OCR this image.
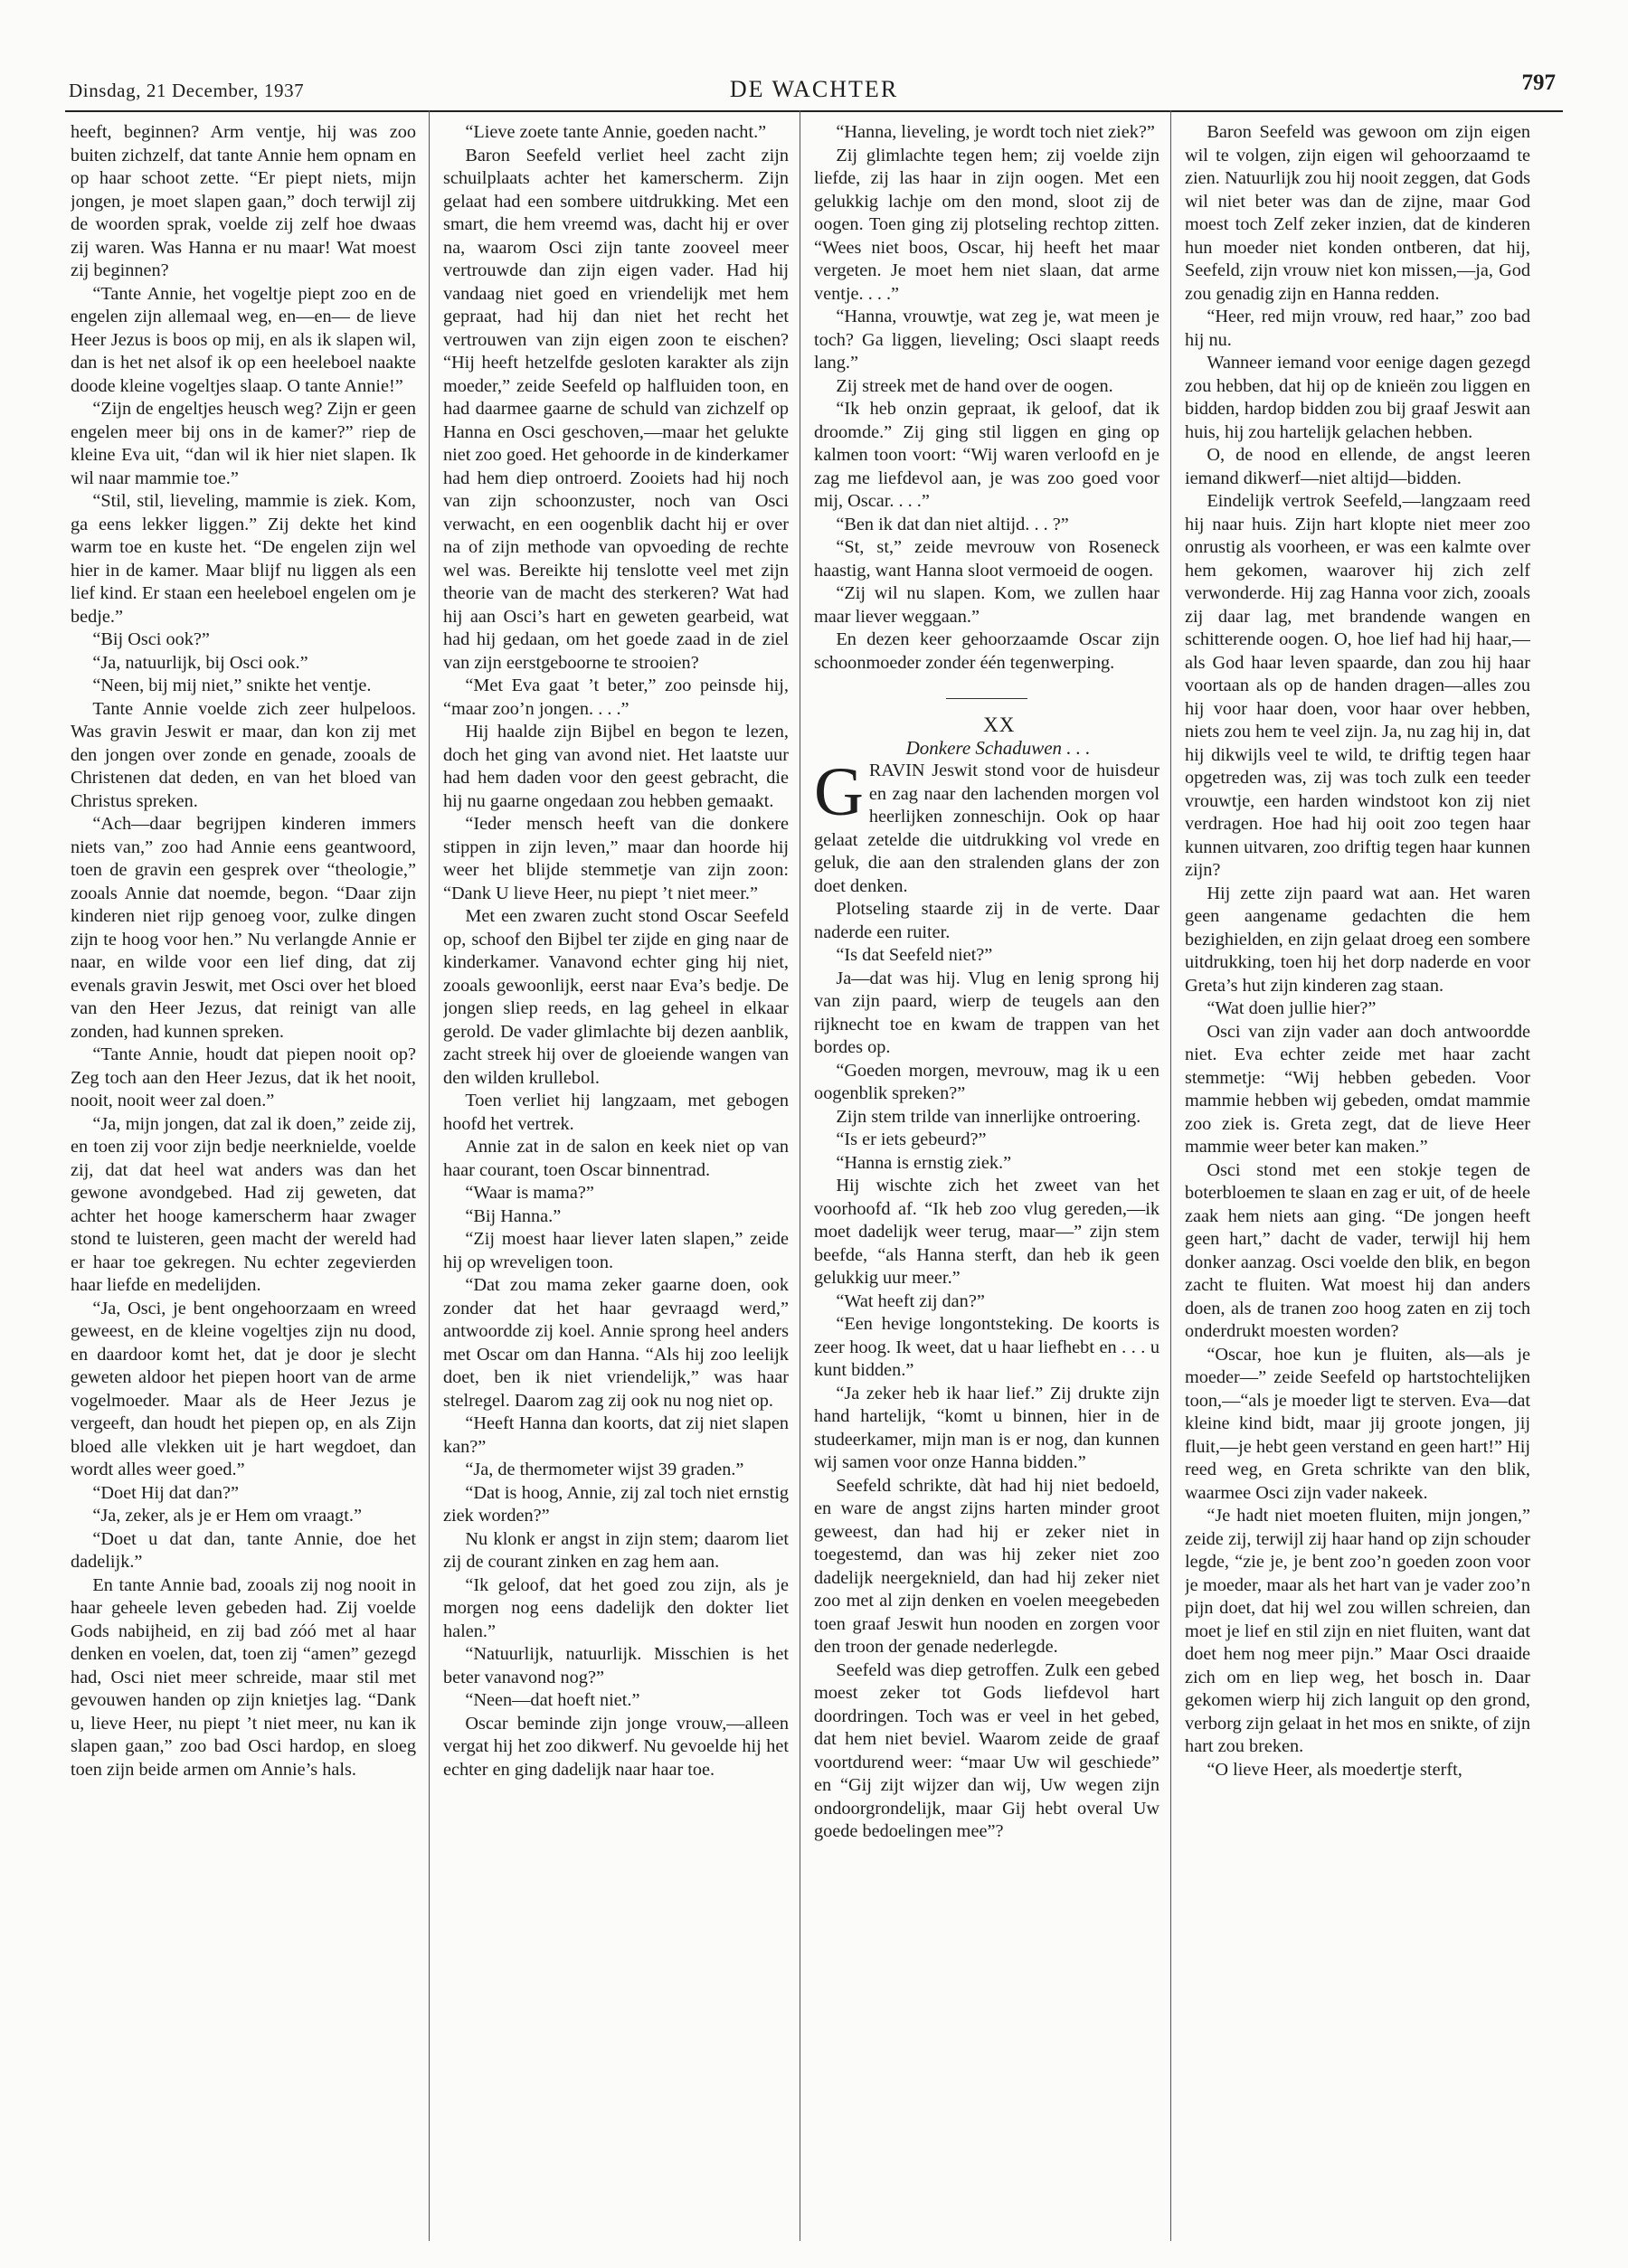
Dinsdag, 21 December, 1937	DE WACHTER	797

heeft, beginnen? Arm ventje, hij was zoo buiten zichzelf, dat tante Annie hem opnam en op haar schoot zette. “Er piept niets, mijn jongen, je moet slapen gaan,” doch terwijl zij de woorden sprak, voelde zij zelf hoe dwaas zij waren. Was Hanna er nu maar! Wat moest zij beginnen?

“Tante Annie, het vogeltje piept zoo en de engelen zijn allemaal weg, en—en— de lieve Heer Jezus is boos op mij, en als ik slapen wil, dan is het net alsof ik op een heeleboel naakte doode kleine vogeltjes slaap. O tante Annie!”

“Zijn de engeltjes heusch weg? Zijn er geen engelen meer bij ons in de kamer?” riep de kleine Eva uit, “dan wil ik hier niet slapen. Ik wil naar mammie toe.”

“Stil, stil, lieveling, mammie is ziek. Kom, ga eens lekker liggen.” Zij dekte het kind warm toe en kuste het. “De engelen zijn wel hier in de kamer. Maar blijf nu liggen als een lief kind. Er staan een heeleboel engelen om je bedje.”

“Bij Osci ook?”

“Ja, natuurlijk, bij Osci ook.”

“Neen, bij mij niet,” snikte het ventje.

Tante Annie voelde zich zeer hulpeloos. Was gravin Jeswit er maar, dan kon zij met den jongen over zonde en genade, zooals de Christenen dat deden, en van het bloed van Christus spreken.

“Ach—daar begrijpen kinderen immers niets van,” zoo had Annie eens geantwoord, toen de gravin een gesprek over “theologie,” zooals Annie dat noemde, begon. “Daar zijn kinderen niet rijp genoeg voor, zulke dingen zijn te hoog voor hen.” Nu verlangde Annie er naar, en wilde voor een lief ding, dat zij evenals gravin Jeswit, met Osci over het bloed van den Heer Jezus, dat reinigt van alle zonden, had kunnen spreken.

“Tante Annie, houdt dat piepen nooit op? Zeg toch aan den Heer Jezus, dat ik het nooit, nooit, nooit weer zal doen.”

“Ja, mijn jongen, dat zal ik doen,” zeide zij, en toen zij voor zijn bedje neerknielde, voelde zij, dat dat heel wat anders was dan het gewone avondgebed. Had zij geweten, dat achter het hooge kamerscherm haar zwager stond te luisteren, geen macht der wereld had er haar toe gekregen. Nu echter zegevierden haar liefde en medelijden.

“Ja, Osci, je bent ongehoorzaam en wreed geweest, en de kleine vogeltjes zijn nu dood, en daardoor komt het, dat je door je slecht geweten aldoor het piepen hoort van de arme vogelmoeder. Maar als de Heer Jezus je vergeeft, dan houdt het piepen op, en als Zijn bloed alle vlekken uit je hart wegdoet, dan wordt alles weer goed.”

“Doet Hij dat dan?”

“Ja, zeker, als je er Hem om vraagt.”

“Doet u dat dan, tante Annie, doe het dadelijk.”

En tante Annie bad, zooals zij nog nooit in haar geheele leven gebeden had. Zij voelde Gods nabijheid, en zij bad zóó met al haar denken en voelen, dat, toen zij “amen” gezegd had, Osci niet meer schreide, maar stil met gevouwen handen op zijn knietjes lag. “Dank u, lieve Heer, nu piept ’t niet meer, nu kan ik slapen gaan,” zoo bad Osci hardop, en sloeg toen zijn beide armen om Annie’s hals.

“Lieve zoete tante Annie, goeden nacht.”

Baron Seefeld verliet heel zacht zijn schuilplaats achter het kamerscherm. Zijn gelaat had een sombere uitdrukking. Met een smart, die hem vreemd was, dacht hij er over na, waarom Osci zijn tante zooveel meer vertrouwde dan zijn eigen vader. Had hij vandaag niet goed en vriendelijk met hem gepraat, had hij dan niet het recht het vertrouwen van zijn eigen zoon te eischen? “Hij heeft hetzelfde gesloten karakter als zijn moeder,” zeide Seefeld op halfluiden toon, en had daarmee gaarne de schuld van zichzelf op Hanna en Osci geschoven,—maar het gelukte niet zoo goed. Het gehoorde in de kinderkamer had hem diep ontroerd. Zooiets had hij noch van zijn schoonzuster, noch van Osci verwacht, en een oogenblik dacht hij er over na of zijn methode van opvoeding de rechte wel was. Bereikte hij tenslotte veel met zijn theorie van de macht des sterkeren? Wat had hij aan Osci’s hart en geweten gearbeid, wat had hij gedaan, om het goede zaad in de ziel van zijn eerstgeboorne te strooien?

“Met Eva gaat ’t beter,” zoo peinsde hij, “maar zoo’n jongen. . . .”

Hij haalde zijn Bijbel en begon te lezen, doch het ging van avond niet. Het laatste uur had hem daden voor den geest gebracht, die hij nu gaarne ongedaan zou hebben gemaakt.

“Ieder mensch heeft van die donkere stippen in zijn leven,” maar dan hoorde hij weer het blijde stemmetje van zijn zoon: “Dank U lieve Heer, nu piept ’t niet meer.”

Met een zwaren zucht stond Oscar Seefeld op, schoof den Bijbel ter zijde en ging naar de kinderkamer. Vanavond echter ging hij niet, zooals gewoonlijk, eerst naar Eva’s bedje. De jongen sliep reeds, en lag geheel in elkaar gerold. De vader glimlachte bij dezen aanblik, zacht streek hij over de gloeiende wangen van den wilden krullebol.

Toen verliet hij langzaam, met gebogen hoofd het vertrek.

Annie zat in de salon en keek niet op van haar courant, toen Oscar binnentrad.

“Waar is mama?”

“Bij Hanna.”

“Zij moest haar liever laten slapen,” zeide hij op wreveligen toon.

“Dat zou mama zeker gaarne doen, ook zonder dat het haar gevraagd werd,” antwoordde zij koel. Annie sprong heel anders met Oscar om dan Hanna. “Als hij zoo leelijk doet, ben ik niet vriendelijk,” was haar stelregel. Daarom zag zij ook nu nog niet op.

“Heeft Hanna dan koorts, dat zij niet slapen kan?”

“Ja, de thermometer wijst 39 graden.”

“Dat is hoog, Annie, zij zal toch niet ernstig ziek worden?”

Nu klonk er angst in zijn stem; daarom liet zij de courant zinken en zag hem aan.

“Ik geloof, dat het goed zou zijn, als je morgen nog eens dadelijk den dokter liet halen.”

“Natuurlijk, natuurlijk. Misschien is het beter vanavond nog?”

“Neen—dat hoeft niet.”

Oscar beminde zijn jonge vrouw,—alleen vergat hij het zoo dikwerf. Nu gevoelde hij het echter en ging dadelijk naar haar toe.

“Hanna, lieveling, je wordt toch niet ziek?”

Zij glimlachte tegen hem; zij voelde zijn liefde, zij las haar in zijn oogen. Met een gelukkig lachje om den mond, sloot zij de oogen. Toen ging zij plotseling rechtop zitten. “Wees niet boos, Oscar, hij heeft het maar vergeten. Je moet hem niet slaan, dat arme ventje. . . .”

“Hanna, vrouwtje, wat zeg je, wat meen je toch? Ga liggen, lieveling; Osci slaapt reeds lang.”

Zij streek met de hand over de oogen.

“Ik heb onzin gepraat, ik geloof, dat ik droomde.” Zij ging stil liggen en ging op kalmen toon voort: “Wij waren verloofd en je zag me liefdevol aan, je was zoo goed voor mij, Oscar. . . .”

“Ben ik dat dan niet altijd. . . ?”

“St, st,” zeide mevrouw von Roseneck haastig, want Hanna sloot vermoeid de oogen.

“Zij wil nu slapen. Kom, we zullen haar maar liever weggaan.”

En dezen keer gehoorzaamde Oscar zijn schoonmoeder zonder één tegenwerping.

XX

Donkere Schaduwen . . .

GRAVIN Jeswit stond voor de huisdeur en zag naar den lachenden morgen vol heerlijken zonneschijn. Ook op haar gelaat zetelde die uitdrukking vol vrede en geluk, die aan den stralenden glans der zon doet denken.

Plotseling staarde zij in de verte. Daar naderde een ruiter.

“Is dat Seefeld niet?”

Ja—dat was hij. Vlug en lenig sprong hij van zijn paard, wierp de teugels aan den rijknecht toe en kwam de trappen van het bordes op.

“Goeden morgen, mevrouw, mag ik u een oogenblik spreken?”

Zijn stem trilde van innerlijke ontroering.

“Is er iets gebeurd?”

“Hanna is ernstig ziek.”

Hij wischte zich het zweet van het voorhoofd af. “Ik heb zoo vlug gereden,—ik moet dadelijk weer terug, maar—” zijn stem beefde, “als Hanna sterft, dan heb ik geen gelukkig uur meer.”

“Wat heeft zij dan?”

“Een hevige longontsteking. De koorts is zeer hoog. Ik weet, dat u haar liefhebt en . . . u kunt bidden.”

“Ja zeker heb ik haar lief.” Zij drukte zijn hand hartelijk, “komt u binnen, hier in de studeerkamer, mijn man is er nog, dan kunnen wij samen voor onze Hanna bidden.”

Seefeld schrikte, dàt had hij niet bedoeld, en ware de angst zijns harten minder groot geweest, dan had hij er zeker niet in toegestemd, dan was hij zeker niet zoo dadelijk neergeknield, dan had hij zeker niet zoo met al zijn denken en voelen meegebeden toen graaf Jeswit hun nooden en zorgen voor den troon der genade nederlegde.

Seefeld was diep getroffen. Zulk een gebed moest zeker tot Gods liefdevol hart doordringen. Toch was er veel in het gebed, dat hem niet beviel. Waarom zeide de graaf voortdurend weer: “maar Uw wil geschiede” en “Gij zijt wijzer dan wij, Uw wegen zijn ondoorgrondelijk, maar Gij hebt overal Uw goede bedoelingen mee”?

Baron Seefeld was gewoon om zijn eigen wil te volgen, zijn eigen wil gehoorzaamd te zien. Natuurlijk zou hij nooit zeggen, dat Gods wil niet beter was dan de zijne, maar God moest toch Zelf zeker inzien, dat de kinderen hun moeder niet konden ontberen, dat hij, Seefeld, zijn vrouw niet kon missen,—ja, God zou genadig zijn en Hanna redden.

“Heer, red mijn vrouw, red haar,” zoo bad hij nu.

Wanneer iemand voor eenige dagen gezegd zou hebben, dat hij op de knieën zou liggen en bidden, hardop bidden zou bij graaf Jeswit aan huis, hij zou hartelijk gelachen hebben.

O, de nood en ellende, de angst leeren iemand dikwerf—niet altijd—bidden.

Eindelijk vertrok Seefeld,—langzaam reed hij naar huis. Zijn hart klopte niet meer zoo onrustig als voorheen, er was een kalmte over hem gekomen, waarover hij zich zelf verwonderde. Hij zag Hanna voor zich, zooals zij daar lag, met brandende wangen en schitterende oogen. O, hoe lief had hij haar,—als God haar leven spaarde, dan zou hij haar voortaan als op de handen dragen—alles zou hij voor haar doen, voor haar over hebben, niets zou hem te veel zijn. Ja, nu zag hij in, dat hij dikwijls veel te wild, te driftig tegen haar opgetreden was, zij was toch zulk een teeder vrouwtje, een harden windstoot kon zij niet verdragen. Hoe had hij ooit zoo tegen haar kunnen uitvaren, zoo driftig tegen haar kunnen zijn?

Hij zette zijn paard wat aan. Het waren geen aangename gedachten die hem bezighielden, en zijn gelaat droeg een sombere uitdrukking, toen hij het dorp naderde en voor Greta’s hut zijn kinderen zag staan.

“Wat doen jullie hier?”

Osci van zijn vader aan doch antwoordde niet. Eva echter zeide met haar zacht stemmetje: “Wij hebben gebeden. Voor mammie hebben wij gebeden, omdat mammie zoo ziek is. Greta zegt, dat de lieve Heer mammie weer beter kan maken.”

Osci stond met een stokje tegen de boterbloemen te slaan en zag er uit, of de heele zaak hem niets aan ging. “De jongen heeft geen hart,” dacht de vader, terwijl hij hem donker aanzag. Osci voelde den blik, en begon zacht te fluiten. Wat moest hij dan anders doen, als de tranen zoo hoog zaten en zij toch onderdrukt moesten worden?

“Oscar, hoe kun je fluiten, als—als je moeder—” zeide Seefeld op hartstochtelijken toon,—“als je moeder ligt te sterven. Eva—dat kleine kind bidt, maar jij groote jongen, jij fluit,—je hebt geen verstand en geen hart!” Hij reed weg, en Greta schrikte van den blik, waarmee Osci zijn vader nakeek.

“Je hadt niet moeten fluiten, mijn jongen,” zeide zij, terwijl zij haar hand op zijn schouder legde, “zie je, je bent zoo’n goeden zoon voor je moeder, maar als het hart van je vader zoo’n pijn doet, dat hij wel zou willen schreien, dan moet je lief en stil zijn en niet fluiten, want dat doet hem nog meer pijn.” Maar Osci draaide zich om en liep weg, het bosch in. Daar gekomen wierp hij zich languit op den grond, verborg zijn gelaat in het mos en snikte, of zijn hart zou breken.

“O lieve Heer, als moedertje sterft,
